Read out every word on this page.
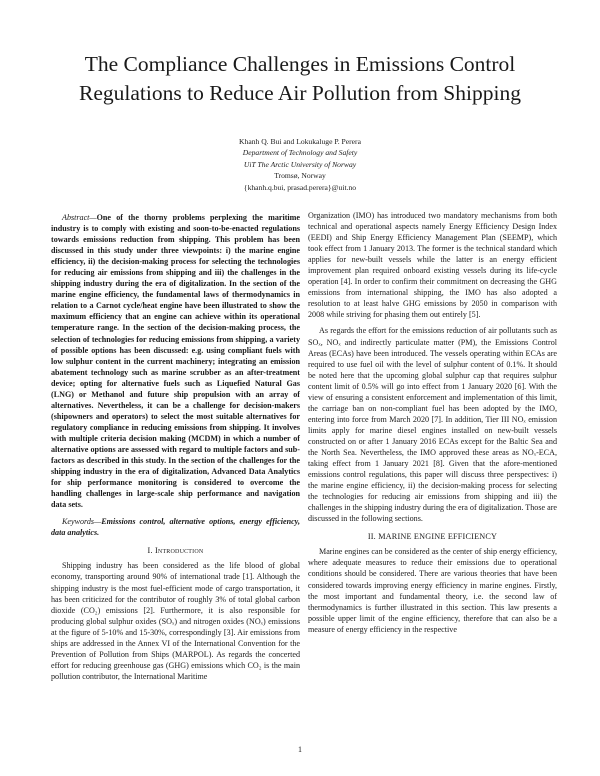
The Compliance Challenges in Emissions Control
Regulations to Reduce Air Pollution from Shipping
Khanh Q. Bui and Lokukaluge P. Perera
Department of Technology and Safety
UiT The Arctic University of Norway
Tromsø, Norway
{khanh.q.bui, prasad.perera}@uit.no

Abstract—One of the thorny problems perplexing the maritime industry is to comply with existing and soon-to-be-enacted regulations towards emissions reduction from shipping. This problem has been discussed in this study under three viewpoints: i) the marine engine efficiency, ii) the decision-making process for selecting the technologies for reducing air emissions from shipping and iii) the challenges in the shipping industry during the era of digitalization. In the section of the marine engine efficiency, the fundamental laws of thermodynamics in relation to a Carnot cycle/heat engine have been illustrated to show the maximum efficiency that an engine can achieve within its operational temperature range. In the section of the decision-making process, the selection of technologies for reducing emissions from shipping, a variety of possible options has been discussed: e.g. using compliant fuels with low sulphur content in the current machinery; integrating an emission abatement technology such as marine scrubber as an after-treatment device; opting for alternative fuels such as Liquefied Natural Gas (LNG) or Methanol and future ship propulsion with an array of alternatives. Nevertheless, it can be a challenge for decision-makers (shipowners and operators) to select the most suitable alternatives for regulatory compliance in reducing emissions from shipping. It involves with multiple criteria decision making (MCDM) in which a number of alternative options are assessed with regard to multiple factors and sub-factors as described in this study. In the section of the challenges for the shipping industry in the era of digitalization, Advanced Data Analytics for ship performance monitoring is considered to overcome the handling challenges in large-scale ship performance and navigation data sets.

Keywords—Emissions control, alternative options, energy efficiency, data analytics.

I. Introduction

Shipping industry has been considered as the life blood of global economy, transporting around 90% of international trade [1]. Although the shipping industry is the most fuel-efficient mode of cargo transportation, it has been criticized for the contributor of roughly 3% of total global carbon dioxide (CO₂) emissions [2]. Furthermore, it is also responsible for producing global sulphur oxides (SOₓ) and nitrogen oxides (NOₓ) emissions at the figure of 5-10% and 15-30%, correspondingly [3]. Air emissions from ships are addressed in the Annex VI of the International Convention for the Prevention of Pollution from Ships (MARPOL). As regards the concerted effort for reducing greenhouse gas (GHG) emissions which CO₂ is the main pollution contributor, the International Maritime

Organization (IMO) has introduced two mandatory mechanisms from both technical and operational aspects namely Energy Efficiency Design Index (EEDI) and Ship Energy Efficiency Management Plan (SEEMP), which took effect from 1 January 2013. The former is the technical standard which applies for new-built vessels while the latter is an energy efficient improvement plan required onboard existing vessels during its life-cycle operation [4]. In order to confirm their commitment on decreasing the GHG emissions from international shipping, the IMO has also adopted a resolution to at least halve GHG emissions by 2050 in comparison with 2008 while striving for phasing them out entirely [5].

As regards the effort for the emissions reduction of air pollutants such as SOₓ, NOₓ and indirectly particulate matter (PM), the Emissions Control Areas (ECAs) have been introduced. The vessels operating within ECAs are required to use fuel oil with the level of sulphur content of 0.1%. It should be noted here that the upcoming global sulphur cap that requires sulphur content limit of 0.5% will go into effect from 1 January 2020 [6]. With the view of ensuring a consistent enforcement and implementation of this limit, the carriage ban on non-compliant fuel has been adopted by the IMO, entering into force from March 2020 [7]. In addition, Tier III NOₓ emission limits apply for marine diesel engines installed on new-built vessels constructed on or after 1 January 2016 ECAs except for the Baltic Sea and the North Sea. Nevertheless, the IMO approved these areas as NOₓ-ECA, taking effect from 1 January 2021 [8]. Given that the afore-mentioned emissions control regulations, this paper will discuss three perspectives: i) the marine engine efficiency, ii) the decision-making process for selecting the technologies for reducing air emissions from shipping and iii) the challenges in the shipping industry during the era of digitalization. Those are discussed in the following sections.

II. MARINE ENGINE EFFICIENCY

Marine engines can be considered as the center of ship energy efficiency, where adequate measures to reduce their emissions due to operational conditions should be considered. There are various theories that have been considered towards improving energy efficiency in marine engines. Firstly, the most important and fundamental theory, i.e. the second law of thermodynamics is further illustrated in this section. This law presents a possible upper limit of the engine efficiency, therefore that can also be a measure of energy efficiency in the respective

1
